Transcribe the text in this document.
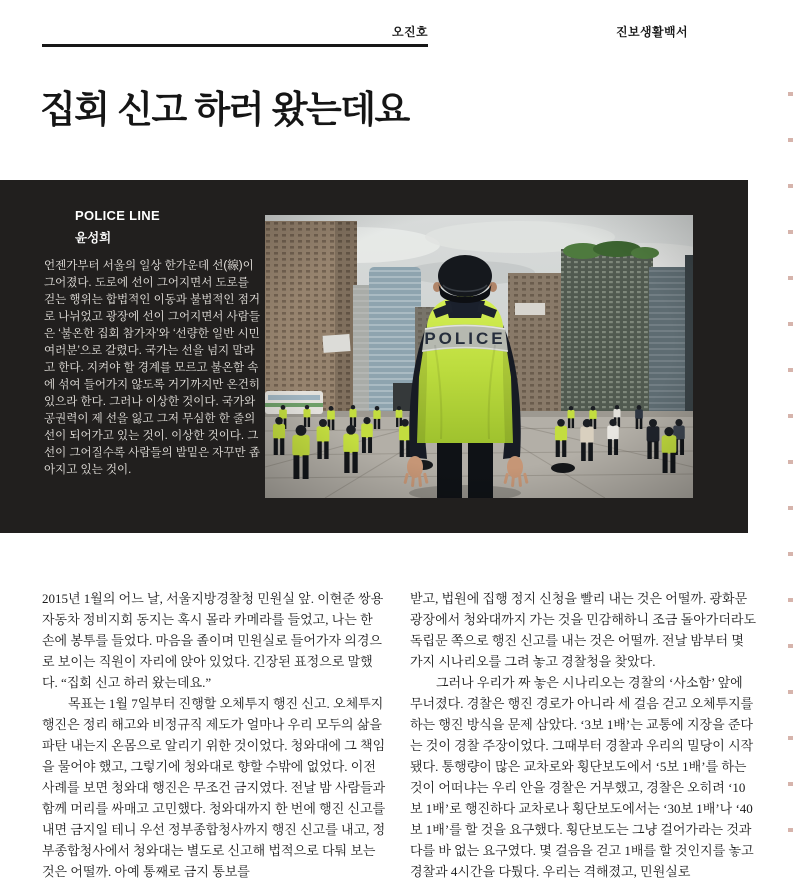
오진호	진보생활백서
집회 신고 하러 왔는데요
POLICE LINE
윤성희
언젠가부터 서울의 일상 한가운데 선(線)이 그어졌다. 도로에 선이 그어지면서 도로를 걷는 행위는 합법적인 이동과 불법적인 점거로 나뉘었고 광장에 선이 그어지면서 사람들은 ‘불온한 집회 참가자’와 ‘선량한 일반 시민 여러분’으로 갈렸다. 국가는 선을 넘지 말라고 한다. 지켜야 할 경계를 모르고 불온함 속에 섞여 들어가지 않도록 거기까지만 온건히 있으라 한다. 그러나 이상한 것이다. 국가와 공권력이 제 선을 잃고 그저 무심한 한 줄의 선이 되어가고 있는 것이. 이상한 것이다. 그 선이 그어질수록 사람들의 발밑은 자꾸만 좁아지고 있는 것이.

2015년 1월의 어느 날, 서울지방경찰청 민원실 앞. 이현준 쌍용자동차 정비지회 동지는 혹시 몰라 카메라를 들었고, 나는 한 손에 봉투를 들었다. 마음을 졸이며 민원실로 들어가자 의경으로 보이는 직원이 자리에 앉아 있었다. 긴장된 표정으로 말했다. “집회 신고 하러 왔는데요.”

목표는 1월 7일부터 진행할 오체투지 행진 신고. 오체투지 행진은 정리 해고와 비정규직 제도가 얼마나 우리 모두의 삶을 파탄 내는지 온몸으로 알리기 위한 것이었다. 청와대에 그 책임을 물어야 했고, 그렇기에 청와대로 향할 수밖에 없었다. 이전 사례를 보면 청와대 행진은 무조건 금지였다. 전날 밤 사람들과 함께 머리를 싸매고 고민했다. 청와대까지 한 번에 행진 신고를 내면 금지일 테니 우선 정부종합청사까지 행진 신고를 내고, 정부종합청사에서 청와대는 별도로 신고해 법적으로 다퉈 보는 것은 어떨까. 아예 통째로 금지 통보를

받고, 법원에 집행 정지 신청을 빨리 내는 것은 어떨까. 광화문 광장에서 청와대까지 가는 것을 민감해하니 조금 돌아가더라도 독립문 쪽으로 행진 신고를 내는 것은 어떨까. 전날 밤부터 몇 가지 시나리오를 그려 놓고 경찰청을 찾았다.

그러나 우리가 짜 놓은 시나리오는 경찰의 ‘사소함’ 앞에 무너졌다. 경찰은 행진 경로가 아니라 세 걸음 걷고 오체투지를 하는 행진 방식을 문제 삼았다. ‘3보 1배’는 교통에 지장을 준다는 것이 경찰 주장이었다. 그때부터 경찰과 우리의 밀당이 시작됐다. 통행량이 많은 교차로와 횡단보도에서 ‘5보 1배’를 하는 것이 어떠냐는 우리 안을 경찰은 거부했고, 경찰은 오히려 ‘10보 1배’로 행진하다 교차로나 횡단보도에서는 ‘30보 1배’나 ‘40보 1배’를 할 것을 요구했다. 횡단보도는 그냥 걸어가라는 것과 다를 바 없는 요구였다. 몇 걸음을 걷고 1배를 할 것인지를 놓고 경찰과 4시간을 다퉜다. 우리는 격해졌고, 민원실로
